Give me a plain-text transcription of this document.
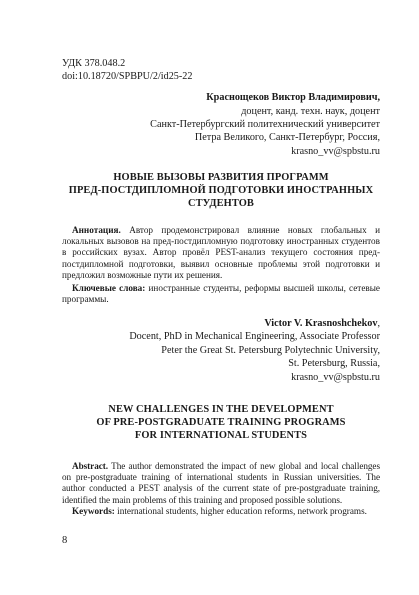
УДК 378.048.2
doi:10.18720/SPBPU/2/id25-22
Краснощеков Виктор Владимирович,
доцент, канд. техн. наук, доцент
Санкт-Петербургский политехнический университет
Петра Великого, Санкт-Петербург, Россия,
krasno_vv@spbstu.ru
НОВЫЕ ВЫЗОВЫ РАЗВИТИЯ ПРОГРАММ
ПРЕД-ПОСТДИПЛОМНОЙ ПОДГОТОВКИ ИНОСТРАННЫХ
СТУДЕНТОВ
Аннотация. Автор продемонстрировал влияние новых глобальных и локальных вызовов на пред-постдипломную подготовку иностранных студентов в российских вузах. Автор провёл PEST-анализ текущего состояния пред-постдипломной подготовки, выявил основные проблемы этой подготовки и предложил возможные пути их решения.
Ключевые слова: иностранные студенты, реформы высшей школы, сетевые программы.
Victor V. Krasnoshchekov,
Docent, PhD in Mechanical Engineering, Associate Professor
Peter the Great St. Petersburg Polytechnic University,
St. Petersburg, Russia,
krasno_vv@spbstu.ru
NEW CHALLENGES IN THE DEVELOPMENT
OF PRE-POSTGRADUATE TRAINING PROGRAMS
FOR INTERNATIONAL STUDENTS
Abstract. The author demonstrated the impact of new global and local challenges on pre-postgraduate training of international students in Russian universities. The author conducted a PEST analysis of the current state of pre-postgraduate training, identified the main problems of this training and proposed possible solutions.
Keywords: international students, higher education reforms, network programs.
8
